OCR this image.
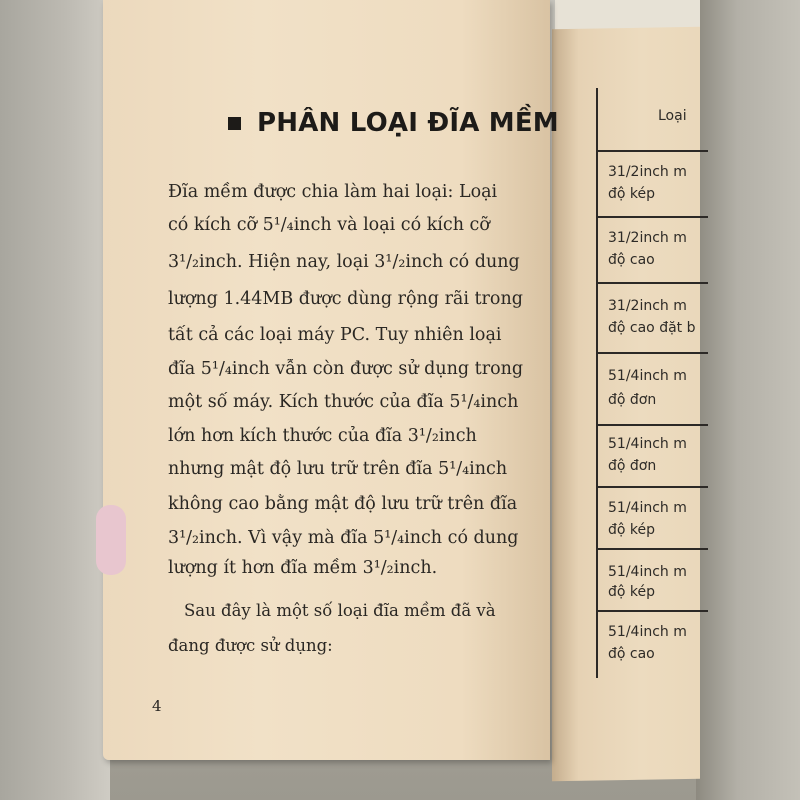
PHÂN LOẠI ĐĨA MỀM
Đĩa mềm được chia làm hai loại: Loại
có kích cỡ 5¹/₄inch và loại có kích cỡ
3¹/₂inch. Hiện nay, loại 3¹/₂inch có dung
lượng 1.44MB được dùng rộng rãi trong
tất cả các loại máy PC. Tuy nhiên loại
đĩa 5¹/₄inch vẫn còn được sử dụng trong
một số máy. Kích thước của đĩa 5¹/₄inch
lớn hơn kích thước của đĩa 3¹/₂inch
nhưng mật độ lưu trữ trên đĩa 5¹/₄inch
không cao bằng mật độ lưu trữ trên đĩa
3¹/₂inch. Vì vậy mà đĩa 5¹/₄inch có dung
lượng ít hơn đĩa mềm 3¹/₂inch.
Sau đây là một số loại đĩa mềm đã và
đang được sử dụng:
4
Loại
31/2inch m
độ kép
31/2inch m
độ cao
31/2inch m
độ cao đặt b
51/4inch m
độ đơn
51/4inch m
độ đơn
51/4inch m
độ kép
51/4inch m
độ kép
51/4inch m
độ cao
